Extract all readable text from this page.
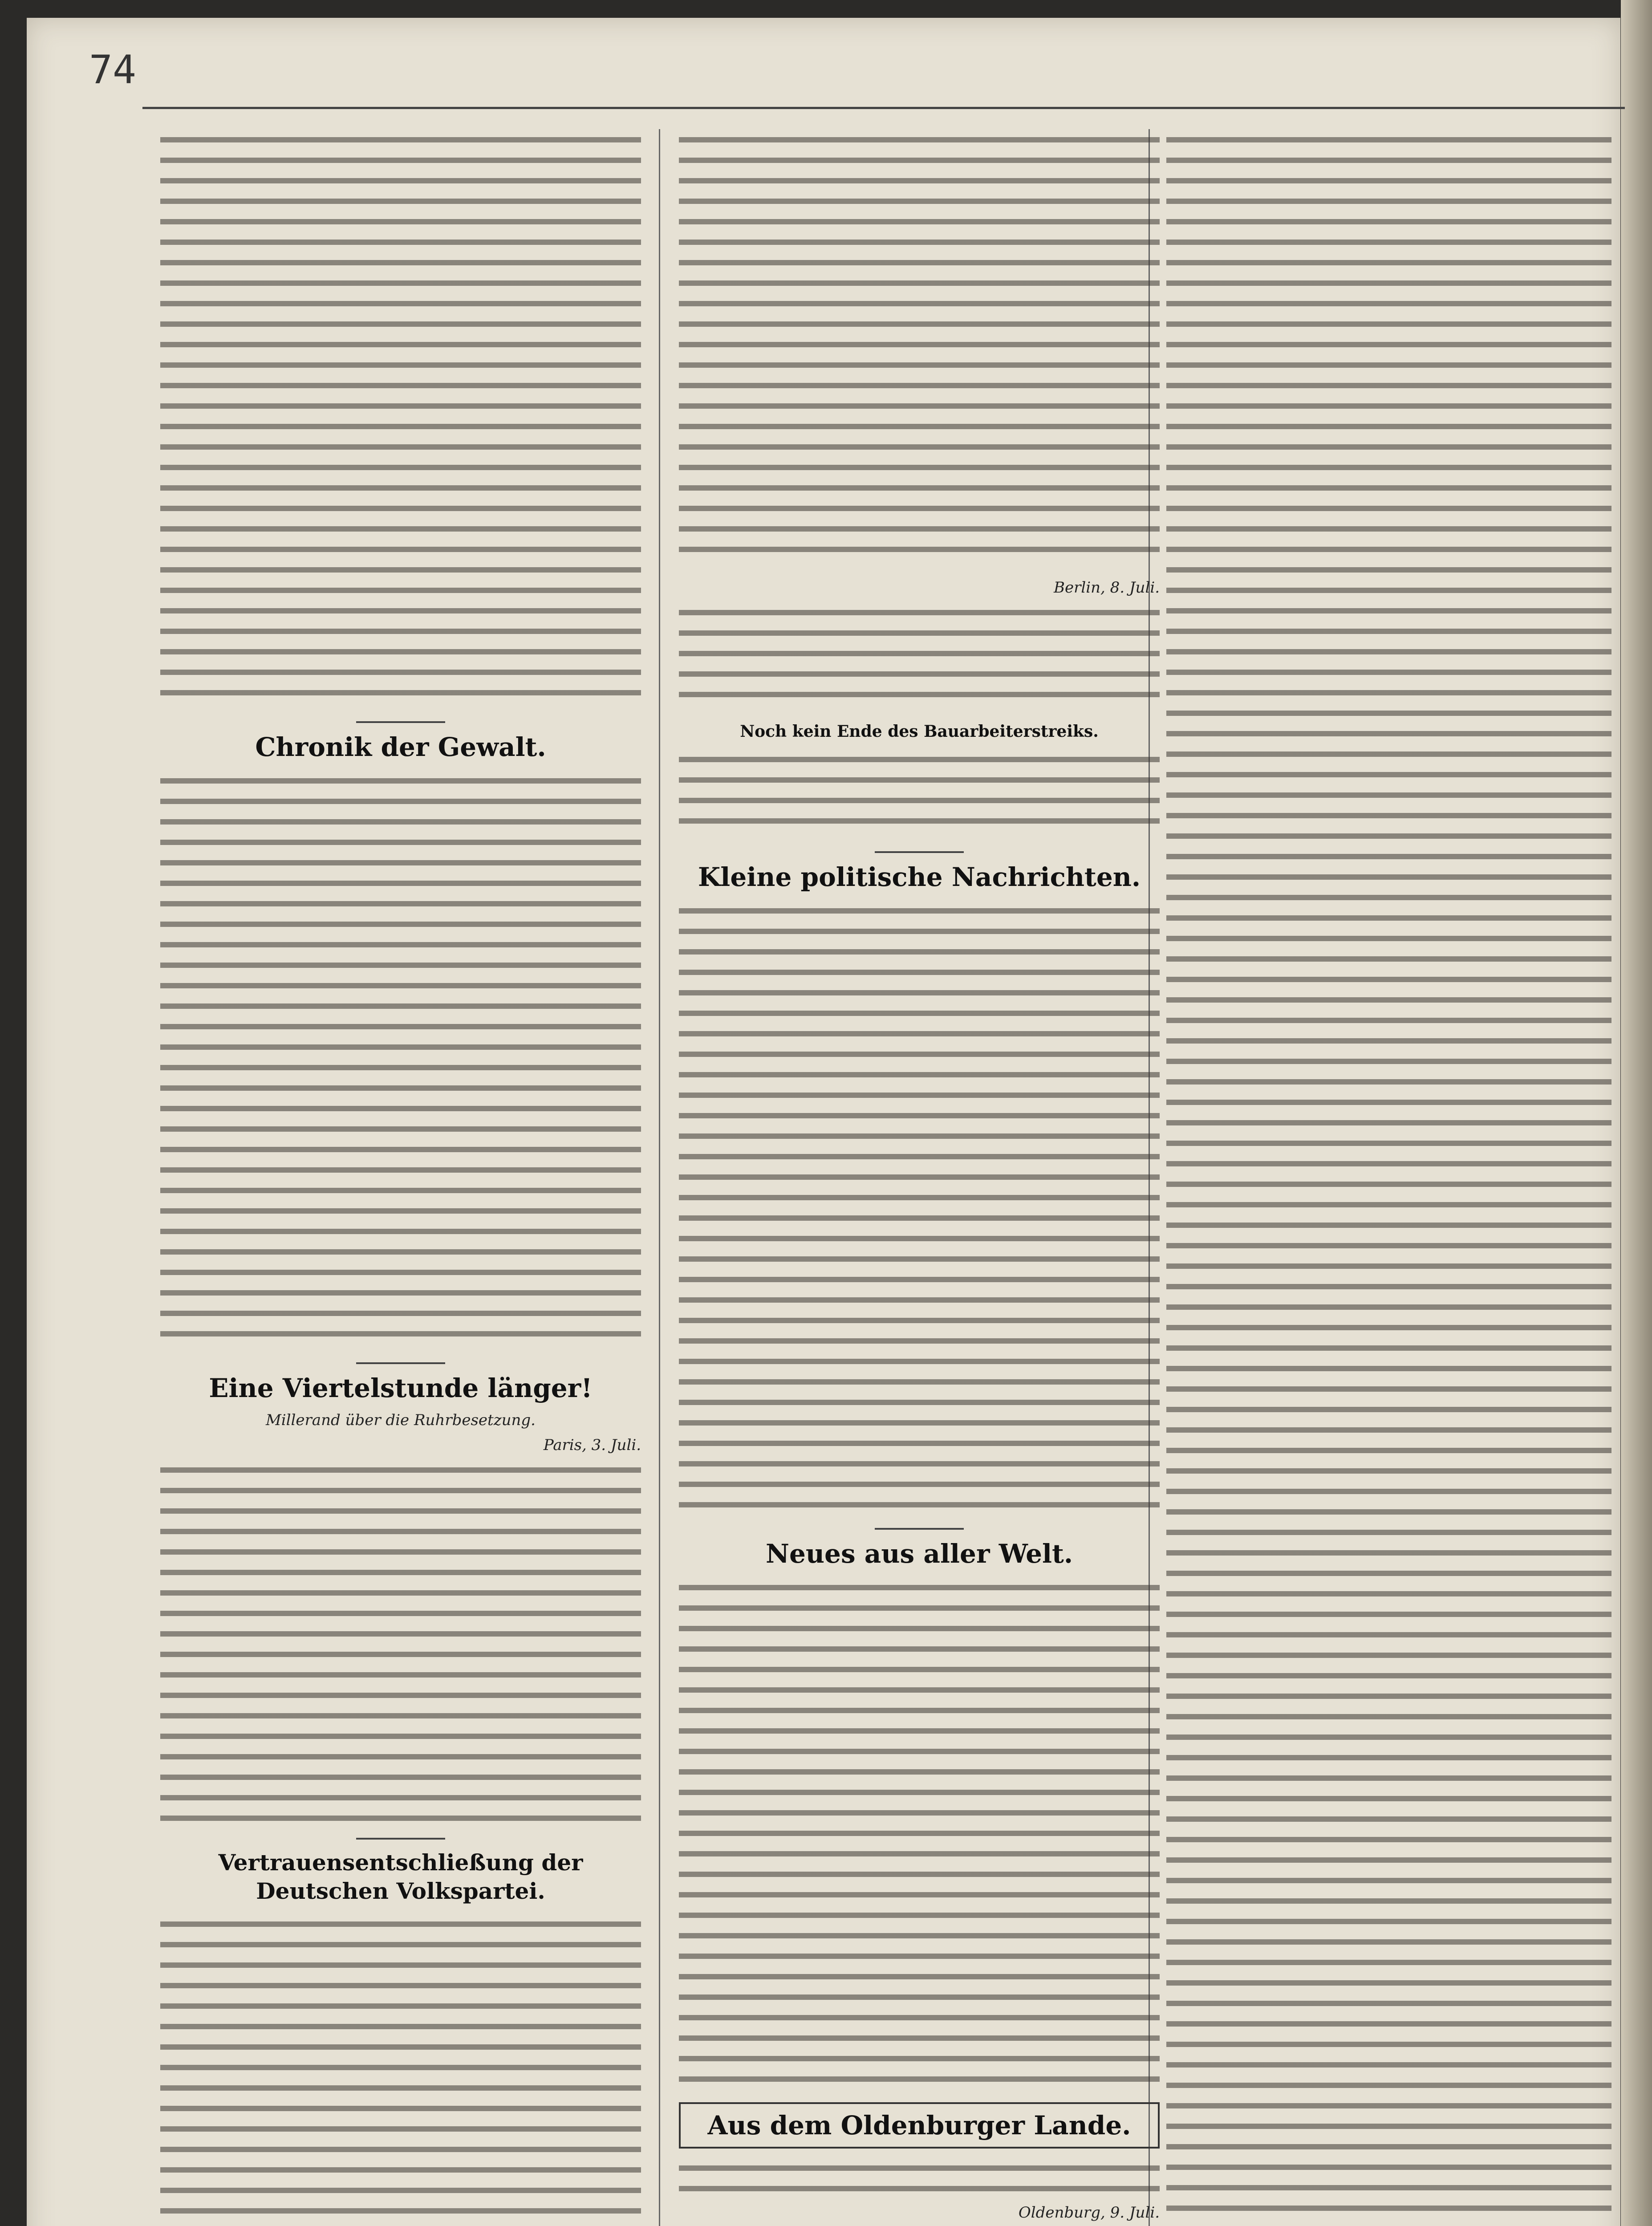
74
Chronik der Gewalt.
Eine Viertelstunde länger!
Millerand über die Ruhrbesetzung.
Paris, 3. Juli.
Vertrauensentschließung der Deutschen Volkspartei.
Berlin, 8. Juli.
Noch kein Ende des Bauarbeiterstreiks.
Kleine politische Nachrichten.
Neues aus aller Welt.
Aus dem Oldenburger Lande.
Oldenburg, 9. Juli.
